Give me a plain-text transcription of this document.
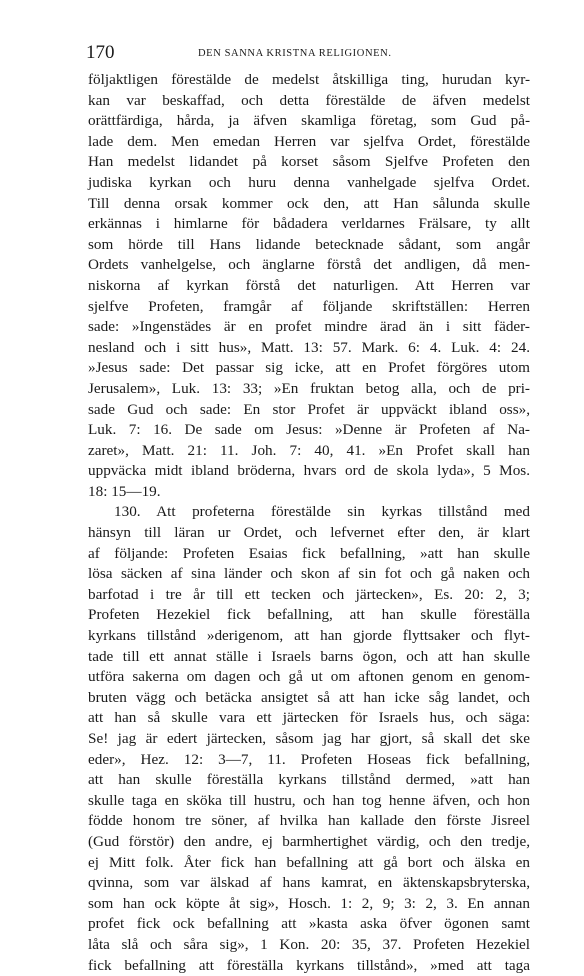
170	DEN SANNA KRISTNA RELIGIONEN.
följaktligen förestälde de medelst åtskilliga ting, hurudan kyr-
kan var beskaffad, och detta förestälde de äfven medelst
orättfärdiga, hårda, ja äfven skamliga företag, som Gud på-
lade dem. Men emedan Herren var sjelfva Ordet, förestälde
Han medelst lidandet på korset såsom Sjelfve Profeten den
judiska kyrkan och huru denna vanhelgade sjelfva Ordet.
Till denna orsak kommer ock den, att Han sålunda skulle
erkännas i himlarne för bådadera verldarnes Frälsare, ty allt
som hörde till Hans lidande betecknade sådant, som angår
Ordets vanhelgelse, och änglarne förstå det andligen, då men-
niskorna af kyrkan förstå det naturligen. Att Herren var
sjelfve Profeten, framgår af följande skriftställen: Herren
sade: »Ingenstädes är en profet mindre ärad än i sitt fäder-
nesland och i sitt hus», Matt. 13: 57. Mark. 6: 4. Luk. 4: 24.
»Jesus sade: Det passar sig icke, att en Profet förgöres utom
Jerusalem», Luk. 13: 33; »En fruktan betog alla, och de pri-
sade Gud och sade: En stor Profet är uppväckt ibland oss»,
Luk. 7: 16. De sade om Jesus: »Denne är Profeten af Na-
zaret», Matt. 21: 11. Joh. 7: 40, 41. »En Profet skall han
uppväcka midt ibland bröderna, hvars ord de skola lyda», 5 Mos.
18: 15—19.
130. Att profeterna förestälde sin kyrkas tillstånd med
hänsyn till läran ur Ordet, och lefvernet efter den, är klart
af följande: Profeten Esaias fick befallning, »att han skulle
lösa säcken af sina länder och skon af sin fot och gå naken och
barfotad i tre år till ett tecken och järtecken», Es. 20: 2, 3;
Profeten Hezekiel fick befallning, att han skulle föreställa
kyrkans tillstånd »derigenom, att han gjorde flyttsaker och flyt-
tade till ett annat ställe i Israels barns ögon, och att han skulle
utföra sakerna om dagen och gå ut om aftonen genom en genom-
bruten vägg och betäcka ansigtet så att han icke såg landet, och
att han så skulle vara ett järtecken för Israels hus, och säga:
Se! jag är edert järtecken, såsom jag har gjort, så skall det ske
eder», Hez. 12: 3—7, 11. Profeten Hoseas fick befallning,
att han skulle föreställa kyrkans tillstånd dermed, »att han
skulle taga en sköka till hustru, och han tog henne äfven, och hon
födde honom tre söner, af hvilka han kallade den förste Jisreel
(Gud förstör) den andre, ej barmhertighet värdig, och den tredje,
ej Mitt folk. Åter fick han befallning att gå bort och älska en
qvinna, som var älskad af hans kamrat, en äktenskapsbryterska,
som han ock köpte åt sig», Hosch. 1: 2, 9; 3: 2, 3. En annan
profet fick ock befallning att »kasta aska öfver ögonen samt
låta slå och såra sig», 1 Kon. 20: 35, 37. Profeten Hezekiel
fick befallning att föreställa kyrkans tillstånd», »med att taga
